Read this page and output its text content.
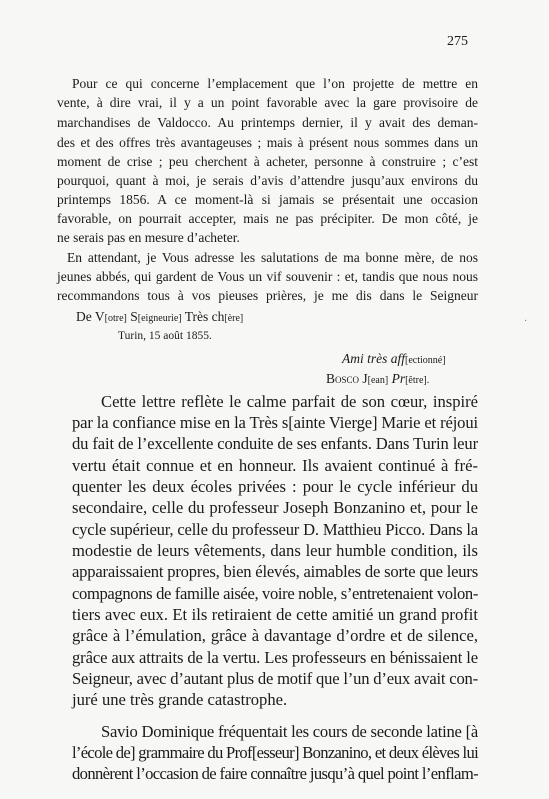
275
Pour ce qui concerne l’emplacement que l’on projette de mettre en
vente, à dire vrai, il y a un point favorable avec la gare provisoire de
marchandises de Valdocco. Au printemps dernier, il y avait des deman-
des et des offres très avantageuses ; mais à présent nous sommes dans un
moment de crise ; peu cherchent à acheter, personne à construire ; c’est
pourquoi, quant à moi, je serais d’avis d’attendre jusqu’aux environs du
printemps 1856. A ce moment-là si jamais se présentait une occasion
favorable, on pourrait accepter, mais ne pas précipiter. De mon côté, je
ne serais pas en mesure d’acheter.
En attendant, je Vous adresse les salutations de ma bonne mère, de nos
jeunes abbés, qui gardent de Vous un vif souvenir : et, tandis que nous nous
recommandons tous à vos pieuses prières, je me dis dans le Seigneur
De V[otre] S[eigneurie] Très ch[ère]
Turin, 15 août 1855.
Ami très aff[ectionné]
Bosco J[ean] Pr[être].
·
Cette lettre reflète le calme parfait de son cœur, inspiré
par la confiance mise en la Très s[ainte Vierge] Marie et réjoui
du fait de l’excellente conduite de ses enfants. Dans Turin leur
vertu était connue et en honneur. Ils avaient continué à fré-
quenter les deux écoles privées : pour le cycle inférieur du
secondaire, celle du professeur Joseph Bonzanino et, pour le
cycle supérieur, celle du professeur D. Matthieu Picco. Dans la
modestie de leurs vêtements, dans leur humble condition, ils
apparaissaient propres, bien élevés, aimables de sorte que leurs
compagnons de famille aisée, voire noble, s’entretenaient volon-
tiers avec eux. Et ils retiraient de cette amitié un grand profit
grâce à l’émulation, grâce à davantage d’ordre et de silence,
grâce aux attraits de la vertu. Les professeurs en bénissaient le
Seigneur, avec d’autant plus de motif que l’un d’eux avait con-
juré une très grande catastrophe.
Savio Dominique fréquentait les cours de seconde latine [à
l’école de] grammaire du Prof[esseur] Bonzanino, et deux élèves lui
donnèrent l’occasion de faire connaître jusqu’à quel point l’enflam-
